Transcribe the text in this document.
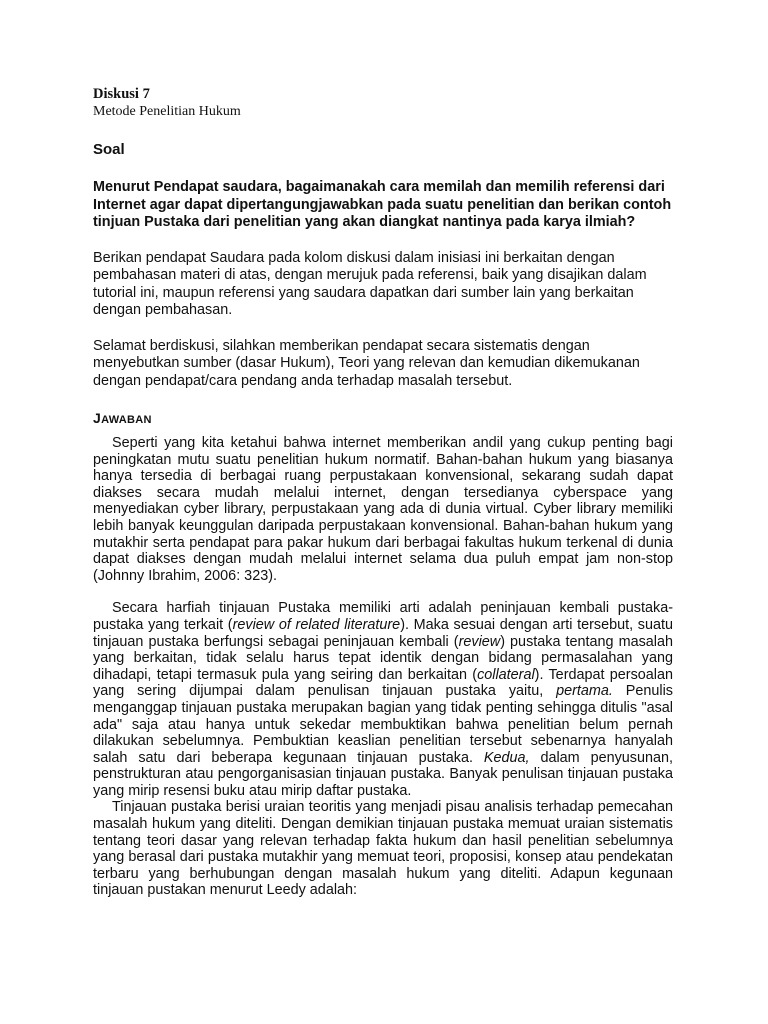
Diskusi 7

Metode Penelitian Hukum

Soal

Menurut Pendapat saudara, bagaimanakah cara memilah dan memilih referensi dari Internet agar dapat dipertangungjawabkan pada suatu penelitian dan berikan contoh tinjuan Pustaka dari penelitian yang akan diangkat nantinya pada karya ilmiah?

Berikan pendapat Saudara pada kolom diskusi dalam inisiasi ini berkaitan dengan pembahasan materi di atas, dengan merujuk pada referensi, baik yang disajikan dalam tutorial ini, maupun referensi yang saudara dapatkan dari sumber lain yang berkaitan dengan pembahasan.

Selamat berdiskusi, silahkan memberikan pendapat secara sistematis dengan menyebutkan sumber (dasar Hukum), Teori yang relevan dan kemudian dikemukanan dengan pendapat/cara pendang anda terhadap masalah tersebut.

JAWABAN

Seperti yang kita ketahui bahwa internet memberikan andil yang cukup penting bagi peningkatan mutu suatu penelitian hukum normatif. Bahan-bahan hukum yang biasanya hanya tersedia di berbagai ruang perpustakaan konvensional, sekarang sudah dapat diakses secara mudah melalui internet, dengan tersedianya cyberspace yang menyediakan cyber library, perpustakaan yang ada di dunia virtual. Cyber library memiliki lebih banyak keunggulan daripada perpustakaan konvensional. Bahan-bahan hukum yang mutakhir serta pendapat para pakar hukum dari berbagai fakultas hukum terkenal di dunia dapat diakses dengan mudah melalui internet selama dua puluh empat jam non-stop (Johnny Ibrahim, 2006: 323).

Secara harfiah tinjauan Pustaka memiliki arti adalah peninjauan kembali pustaka-pustaka yang terkait (review of related literature). Maka sesuai dengan arti tersebut, suatu tinjauan pustaka berfungsi sebagai peninjauan kembali (review) pustaka tentang masalah yang berkaitan, tidak selalu harus tepat identik dengan bidang permasalahan yang dihadapi, tetapi termasuk pula yang seiring dan berkaitan (collateral). Terdapat persoalan yang sering dijumpai dalam penulisan tinjauan pustaka yaitu, pertama. Penulis menganggap tinjauan pustaka merupakan bagian yang tidak penting sehingga ditulis "asal ada" saja atau hanya untuk sekedar membuktikan bahwa penelitian belum pernah dilakukan sebelumnya. Pembuktian keaslian penelitian tersebut sebenarnya hanyalah salah satu dari beberapa kegunaan tinjauan pustaka. Kedua, dalam penyusunan, penstrukturan atau pengorganisasian tinjauan pustaka. Banyak penulisan tinjauan pustaka yang mirip resensi buku atau mirip daftar pustaka.

Tinjauan pustaka berisi uraian teoritis yang menjadi pisau analisis terhadap pemecahan masalah hukum yang diteliti. Dengan demikian tinjauan pustaka memuat uraian sistematis tentang teori dasar yang relevan terhadap fakta hukum dan hasil penelitian sebelumnya yang berasal dari pustaka mutakhir yang memuat teori, proposisi, konsep atau pendekatan terbaru yang berhubungan dengan masalah hukum yang diteliti. Adapun kegunaan tinjauan pustakan menurut Leedy adalah:
